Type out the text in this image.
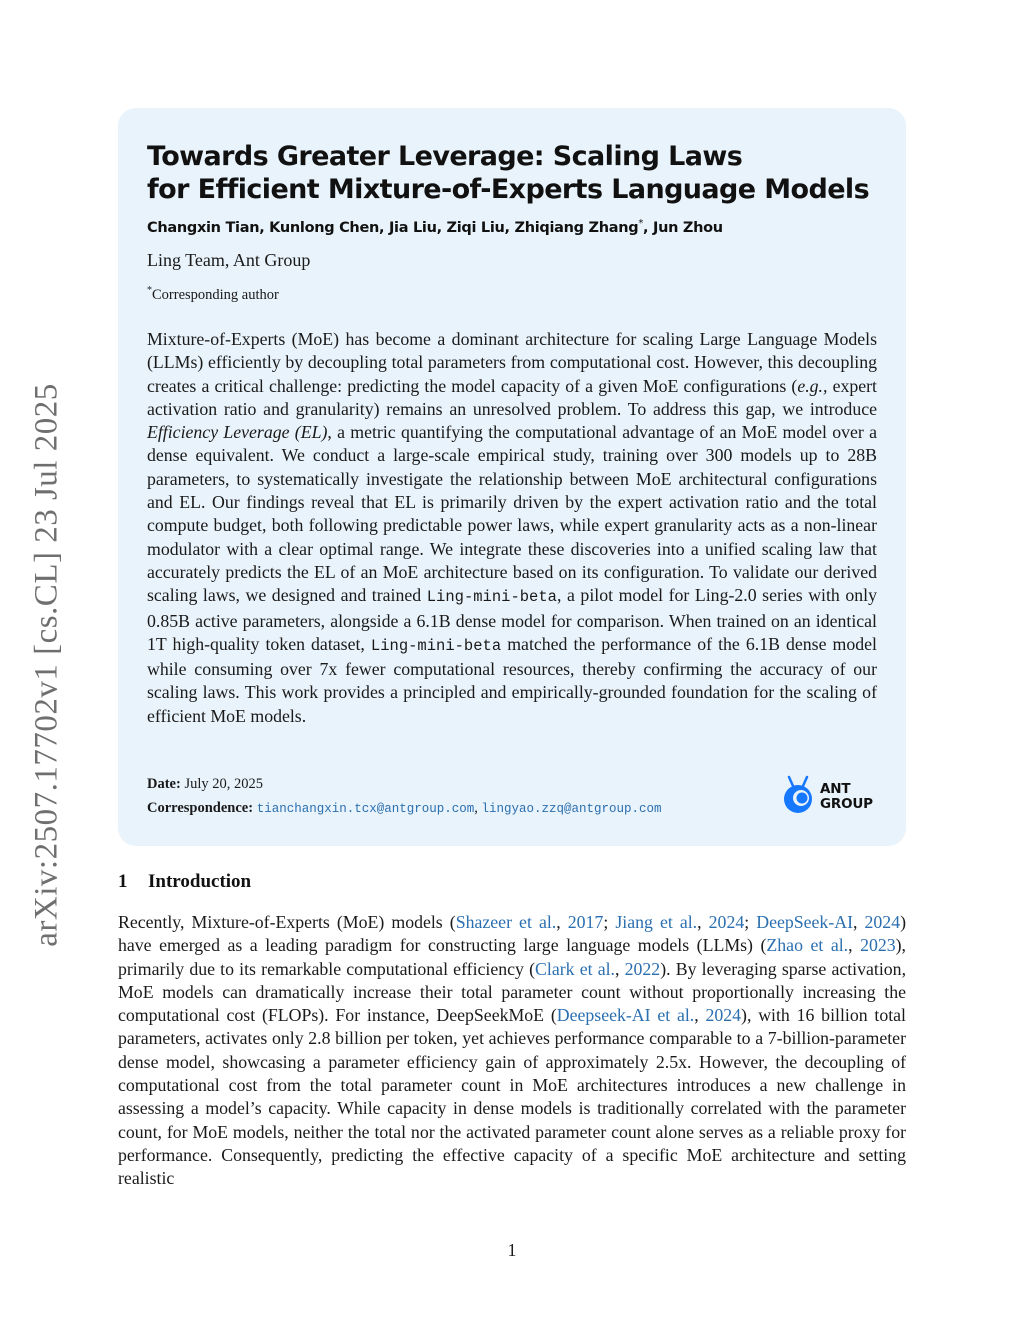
arXiv:2507.17702v1 [cs.CL] 23 Jul 2025
Towards Greater Leverage: Scaling Laws
for Efficient Mixture-of-Experts Language Models
Changxin Tian, Kunlong Chen, Jia Liu, Ziqi Liu, Zhiqiang Zhang*, Jun Zhou
Ling Team, Ant Group
*Corresponding author
Mixture-of-Experts (MoE) has become a dominant architecture for scaling Large Language Models (LLMs) efficiently by decoupling total parameters from computational cost. However, this decoupling creates a critical challenge: predicting the model capacity of a given MoE configurations (e.g., expert activation ratio and granularity) remains an unresolved problem. To address this gap, we introduce Efficiency Leverage (EL), a metric quantifying the computational advantage of an MoE model over a dense equivalent. We conduct a large-scale empirical study, training over 300 models up to 28B parameters, to systematically investigate the relationship between MoE architectural configurations and EL. Our findings reveal that EL is primarily driven by the expert activation ratio and the total compute budget, both following predictable power laws, while expert granularity acts as a non-linear modulator with a clear optimal range. We integrate these discoveries into a unified scaling law that accurately predicts the EL of an MoE architecture based on its configuration. To validate our derived scaling laws, we designed and trained Ling-mini-beta, a pilot model for Ling-2.0 series with only 0.85B active parameters, alongside a 6.1B dense model for comparison. When trained on an identical 1T high-quality token dataset, Ling-mini-beta matched the performance of the 6.1B dense model while consuming over 7x fewer computational resources, thereby confirming the accuracy of our scaling laws. This work provides a principled and empirically-grounded foundation for the scaling of efficient MoE models.
Date: July 20, 2025
Correspondence: tianchangxin.tcx@antgroup.com, lingyao.zzq@antgroup.com
ANT
GROUP
1 Introduction
Recently, Mixture-of-Experts (MoE) models (Shazeer et al., 2017; Jiang et al., 2024; DeepSeek-AI, 2024) have emerged as a leading paradigm for constructing large language models (LLMs) (Zhao et al., 2023), primarily due to its remarkable computational efficiency (Clark et al., 2022). By leveraging sparse activation, MoE models can dramatically increase their total parameter count without proportionally increasing the computational cost (FLOPs). For instance, DeepSeekMoE (Deepseek-AI et al., 2024), with 16 billion total parameters, activates only 2.8 billion per token, yet achieves performance comparable to a 7-billion-parameter dense model, showcasing a parameter efficiency gain of approximately 2.5x. However, the decoupling of computational cost from the total parameter count in MoE architectures introduces a new challenge in assessing a model’s capacity. While capacity in dense models is traditionally correlated with the parameter count, for MoE models, neither the total nor the activated parameter count alone serves as a reliable proxy for performance. Consequently, predicting the effective capacity of a specific MoE architecture and setting realistic
1
